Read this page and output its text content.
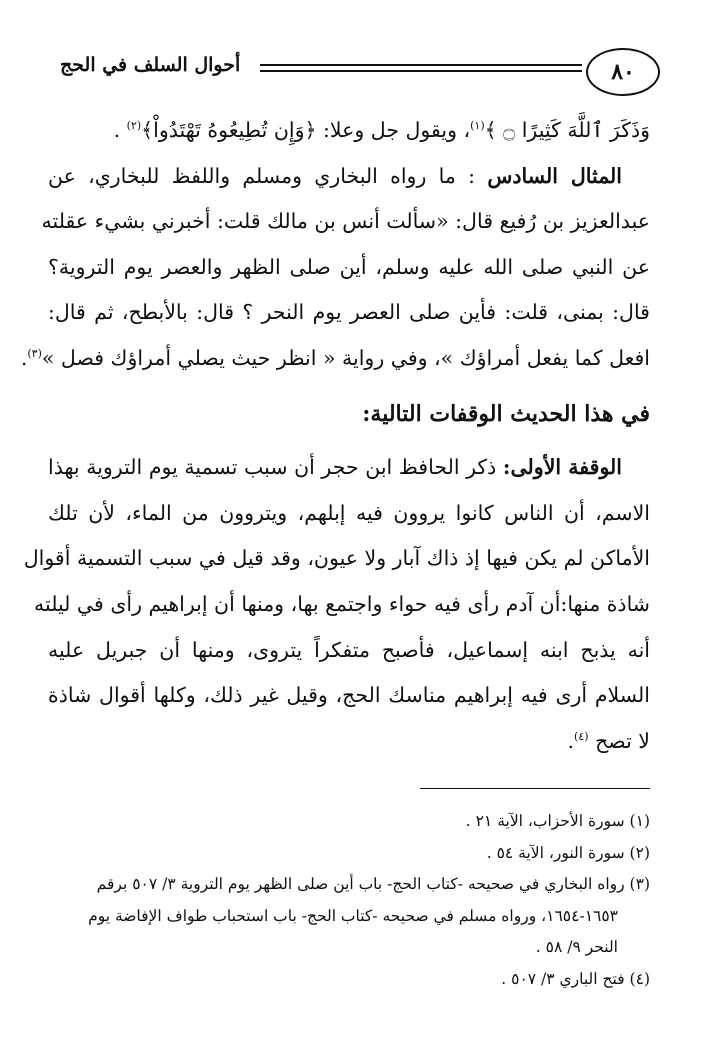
٨٠
أحوال السلف في الحج
وَذَكَرَ ٱللَّهَ كَثِيرًا ۝ ﴾$^{(١)}$، ويقول جل وعلا: ﴿وَإِن تُطِيعُوهُ تَهْتَدُواْ﴾$^{(٢)}$ .
المثال السادس : ما رواه البخاري ومسلم واللفظ للبخاري، عن
عبدالعزيز بن رُفيع قال: «سألت أنس بن مالك قلت: أخبرني بشيء عقلته
عن النبي صلى الله عليه وسلم، أين صلى الظهر والعصر يوم التروية؟
قال: بمنى، قلت: فأين صلى العصر يوم النحر ؟ قال: بالأبطح، ثم قال:
افعل كما يفعل أمراؤك »، وفي رواية « انظر حيث يصلي أمراؤك فصل »$^{(٣)}$.
في هذا الحديث الوقفات التالية:
الوقفة الأولى: ذكر الحافظ ابن حجر أن سبب تسمية يوم التروية بهذا
الاسم، أن الناس كانوا يروون فيه إبلهم، ويتروون من الماء، لأن تلك
الأماكن لم يكن فيها إذ ذاك آبار ولا عيون، وقد قيل في سبب التسمية أقوال
شاذة منها:أن آدم رأى فيه حواء واجتمع بها، ومنها أن إبراهيم رأى في ليلته
أنه يذبح ابنه إسماعيل، فأصبح متفكراً يتروى، ومنها أن جبريل عليه
السلام أرى فيه إبراهيم مناسك الحج، وقيل غير ذلك، وكلها أقوال شاذة
لا تصح $^{(٤)}$.
(١) سورة الأحزاب، الآية ٢١ .
(٢) سورة النور، الآية ٥٤ .
(٣) رواه البخاري في صحيحه -كتاب الحج- باب أين صلى الظهر يوم التروية ٣/ ٥٠٧ برقم
١٦٥٣-١٦٥٤، ورواه مسلم في صحيحه -كتاب الحج- باب استحباب طواف الإفاضة يوم
النحر ٩/ ٥٨ .
(٤) فتح الباري ٣/ ٥٠٧ .
